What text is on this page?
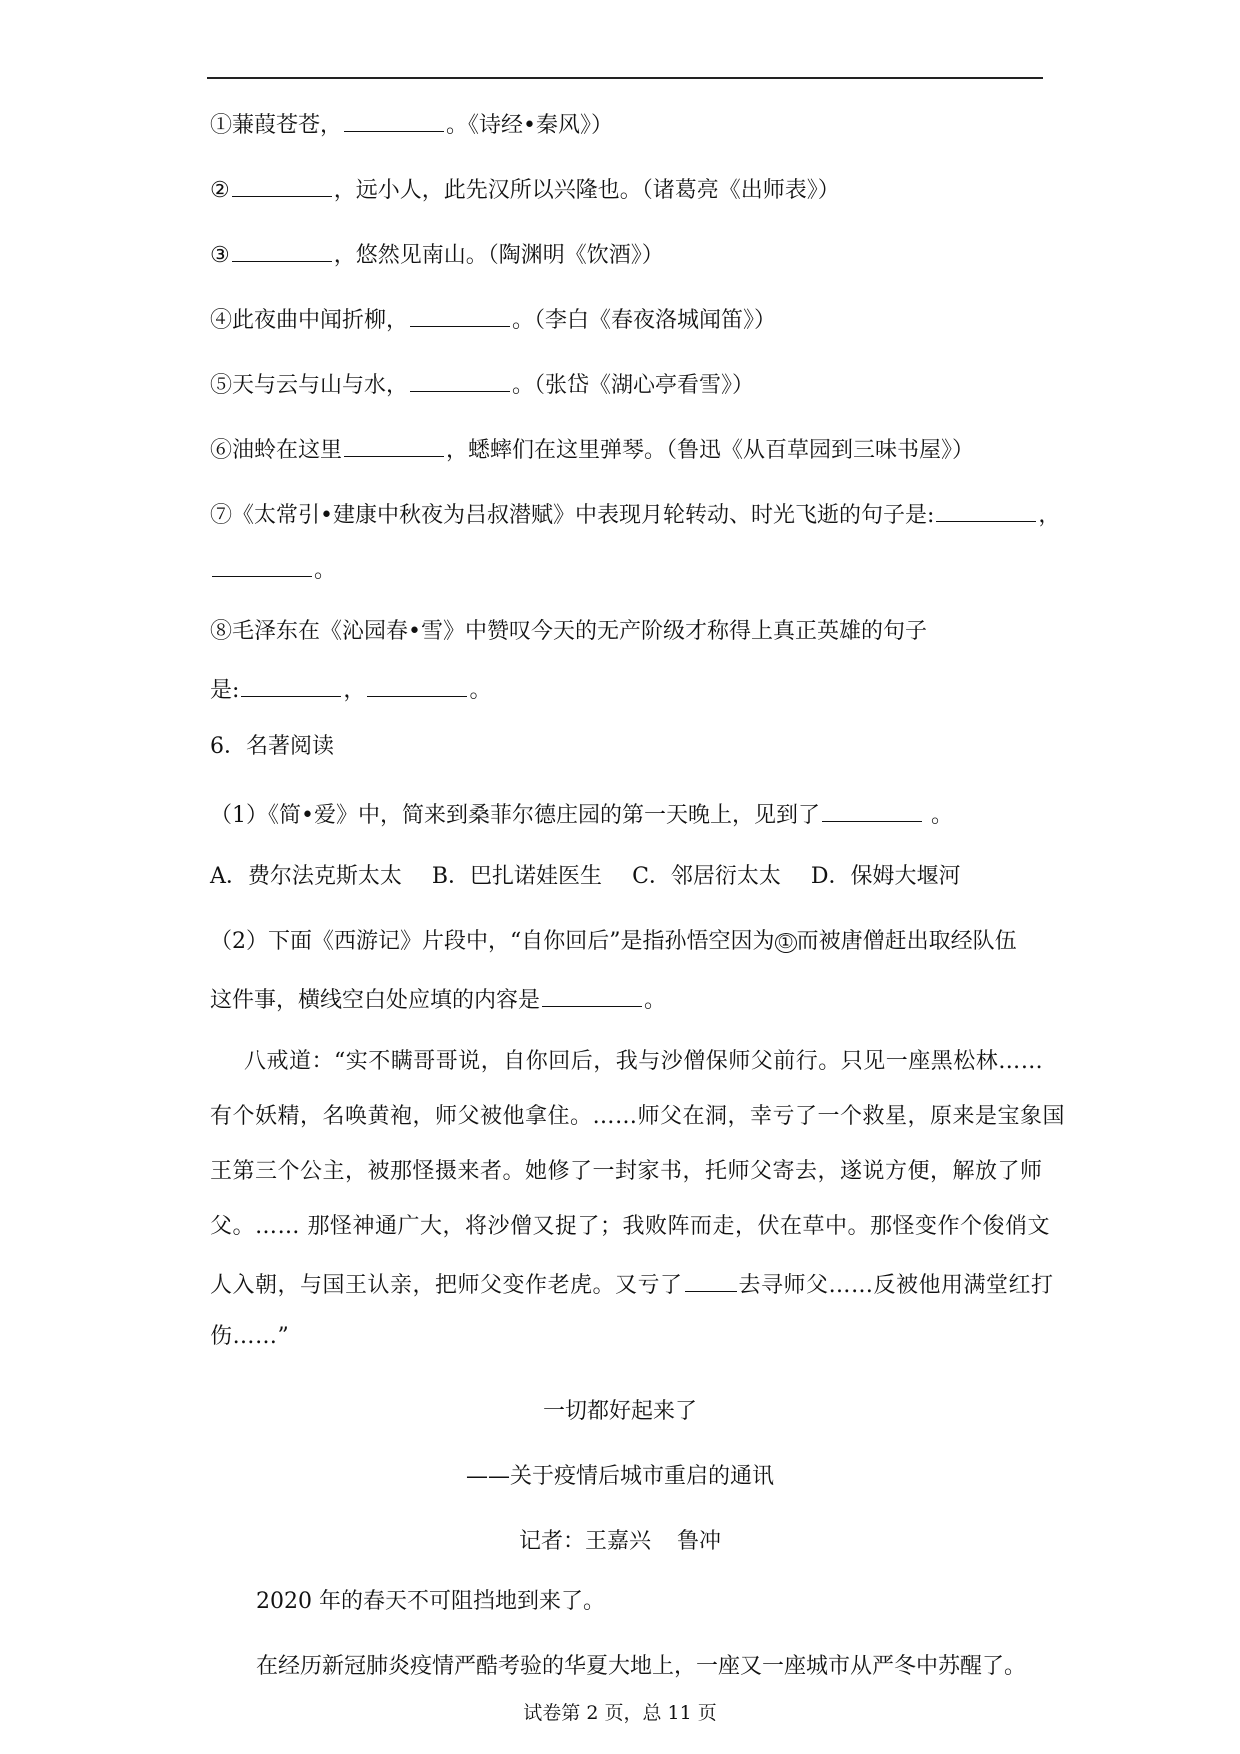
①蒹葭苍苍，	。《诗经•秦风》）
②	，远小人，此先汉所以兴隆也。（诸葛亮《出师表》）
③	，悠然见南山。（陶渊明《饮酒》）
④此夜曲中闻折柳，	。（李白《春夜洛城闻笛》）
⑤天与云与山与水，	。（张岱《湖心亭看雪》）
⑥油蛉在这里	，蟋蟀们在这里弹琴。（鲁迅《从百草园到三味书屋》）
⑦《太常引•建康中秋夜为吕叔潜赋》中表现月轮转动、时光飞逝的句子是:	，
。
⑧毛泽东在《沁园春•雪》中赞叹今天的无产阶级才称得上真正英雄的句子
是:	，	。
6．名著阅读
（1）《简•爱》中，简来到桑菲尔德庄园的第一天晚上，见到了	。
A．费尔法克斯太太 B．巴扎诺娃医生 C．邻居衍太太 D．保姆大堰河
（2）下面《西游记》片段中，“自你回后”是指孙悟空因为 ① 而被唐僧赶出取经队伍
这件事，横线空白处应填的内容是	。
八戒道：“实不瞒哥哥说，自你回后，我与沙僧保师父前行。只见一座黑松林……
有个妖精，名唤黄袍，师父被他拿住。……师父在洞，幸亏了一个救星，原来是宝象国
王第三个公主，被那怪摄来者。她修了一封家书，托师父寄去，遂说方便，解放了师
父。…… 那怪神通广大，将沙僧又捉了；我败阵而走，伏在草中。那怪变作个俊俏文
人入朝，与国王认亲，把师父变作老虎。又亏了	去寻师父……反被他用满堂红打
伤……”
一切都好起来了
——关于疫情后城市重启的通讯
记者：王嘉兴 鲁冲
2020 年的春天不可阻挡地到来了。
在经历新冠肺炎疫情严酷考验的华夏大地上，一座又一座城市从严冬中苏醒了。
试卷第 2 页，总 11 页
